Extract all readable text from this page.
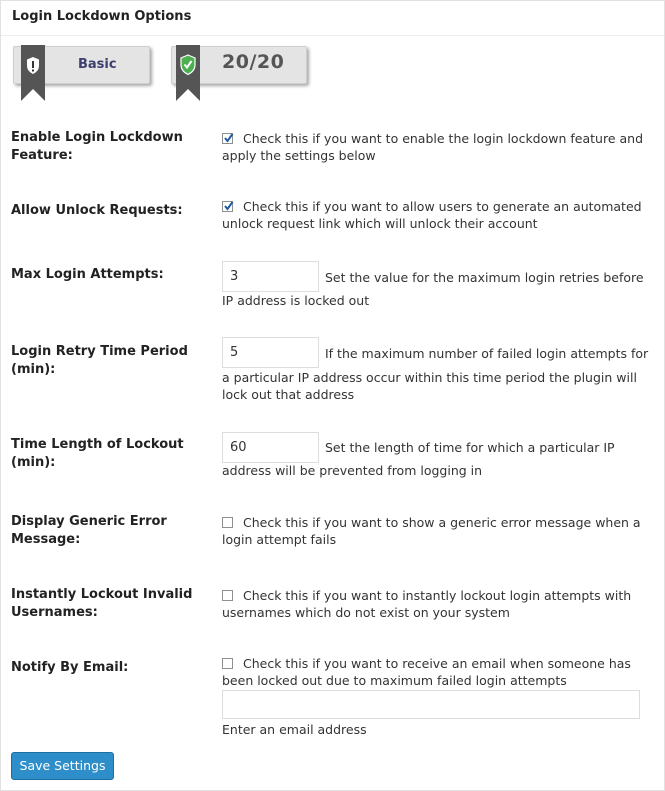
Login Lockdown Options
Basic	20/20
Enable Login Lockdown Feature:
Check this if you want to enable the login lockdown feature and apply the settings below
Allow Unlock Requests:	Check this if you want to allow users to generate an automated unlock request link which will unlock their account
Max Login Attempts:	3	Set the value for the maximum login retries before
IP address is locked out
Login Retry Time Period (min):
5	If the maximum number of failed login attempts for
a particular IP address occur within this time period the plugin will lock out that address
Time Length of Lockout (min):
60	Set the length of time for which a particular IP
address will be prevented from logging in
Display Generic Error Message:
Check this if you want to show a generic error message when a login attempt fails
Instantly Lockout Invalid Usernames:
Check this if you want to instantly lockout login attempts with usernames which do not exist on your system
Notify By Email:	Check this if you want to receive an email when someone has been locked out due to maximum failed login attempts
Enter an email address
Save Settings
